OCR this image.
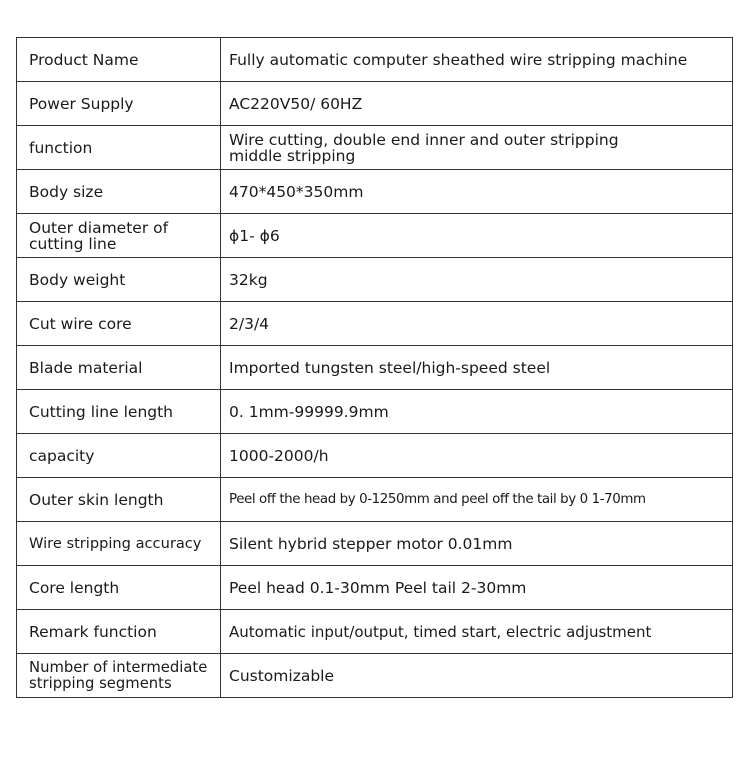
Product Name	Fully automatic computer sheathed wire stripping machine
Power Supply	AC220V50/ 60HZ
function	Wire cutting, double end inner and outer stripping middle stripping
Body size	470*450*350mm
Outer diameter of cutting line	ϕ1- ϕ6
Body weight	32kg
Cut wire core	2/3/4
Blade material	Imported tungsten steel/high-speed steel
Cutting line length	0. 1mm-99999.9mm
capacity	1000-2000/h
Outer skin length	Peel off the head by 0-1250mm and peel off the tail by 0 1-70mm
Wire stripping accuracy	Silent hybrid stepper motor 0.01mm
Core length	Peel head 0.1-30mm Peel tail 2-30mm
Remark function	Automatic input/output, timed start, electric adjustment
Number of intermediate stripping segments	Customizable
